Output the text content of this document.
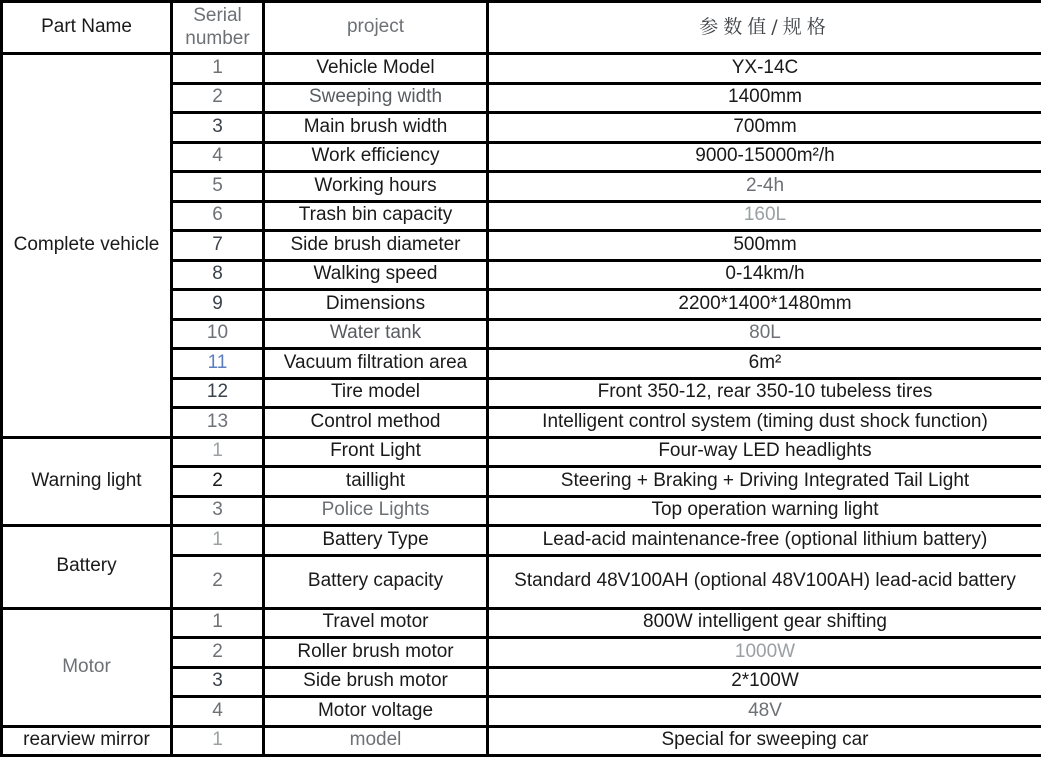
Part Name	Serial number	project	参数值/规格
Complete vehicle	1	Vehicle Model	YX-14C
	2	Sweeping width	1400mm
	3	Main brush width	700mm
	4	Work efficiency	9000-15000m²/h
	5	Working hours	2-4h
	6	Trash bin capacity	160L
	7	Side brush diameter	500mm
	8	Walking speed	0-14km/h
	9	Dimensions	2200*1400*1480mm
	10	Water tank	80L
	11	Vacuum filtration area	6m²
	12	Tire model	Front 350-12, rear 350-10 tubeless tires
	13	Control method	Intelligent control system (timing dust shock function)
Warning light	1	Front Light	Four-way LED headlights
	2	taillight	Steering + Braking + Driving Integrated Tail Light
	3	Police Lights	Top operation warning light
Battery	1	Battery Type	Lead-acid maintenance-free (optional lithium battery)
	2	Battery capacity	Standard 48V100AH (optional 48V100AH) lead-acid battery
Motor	1	Travel motor	800W intelligent gear shifting
	2	Roller brush motor	1000W
	3	Side brush motor	2*100W
	4	Motor voltage	48V
rearview mirror	1	model	Special for sweeping car
